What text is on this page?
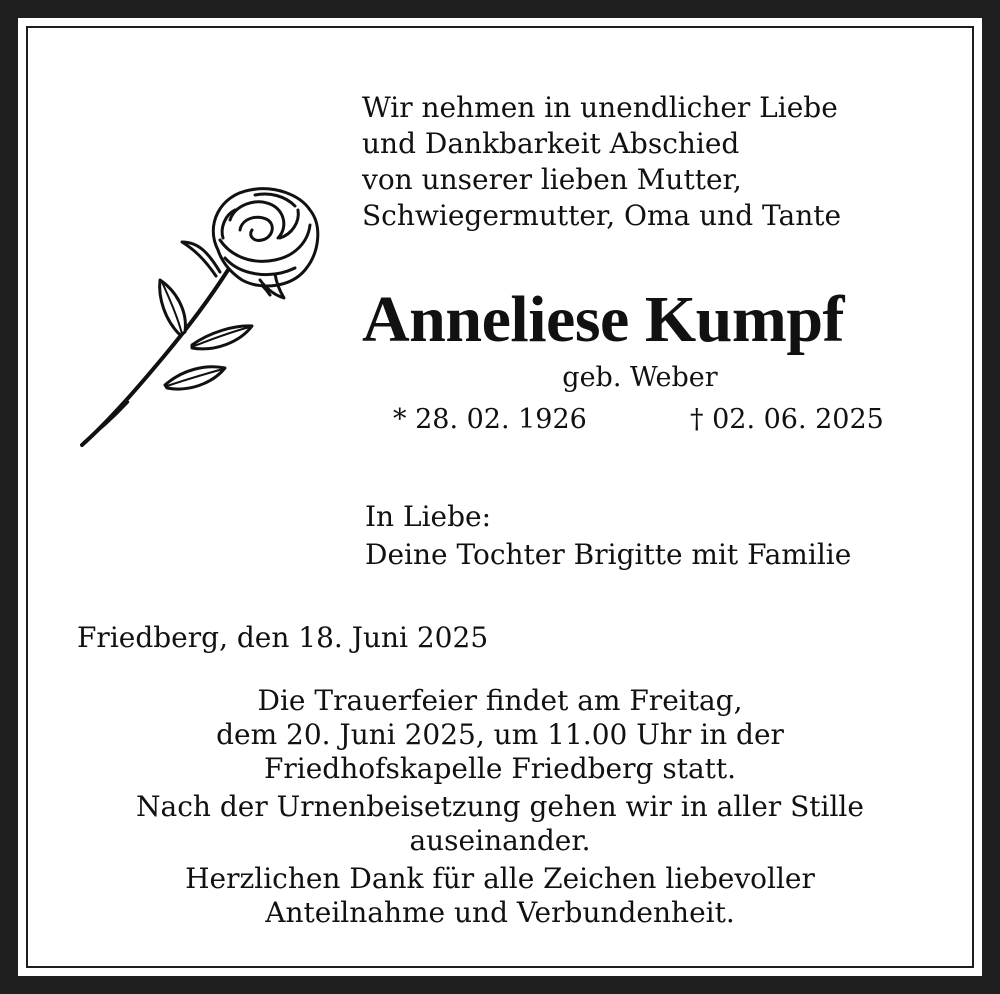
Wir nehmen in unendlicher Liebe
und Dankbarkeit Abschied
von unserer lieben Mutter,
Schwiegermutter, Oma und Tante
Anneliese Kumpf
geb. Weber
* 28. 02. 1926	† 02. 06. 2025
In Liebe:
Deine Tochter Brigitte mit Familie
Friedberg, den 18. Juni 2025
Die Trauerfeier findet am Freitag,
dem 20. Juni 2025, um 11.00 Uhr in der
Friedhofskapelle Friedberg statt.
Nach der Urnenbeisetzung gehen wir in aller Stille
auseinander.
Herzlichen Dank für alle Zeichen liebevoller
Anteilnahme und Verbundenheit.
